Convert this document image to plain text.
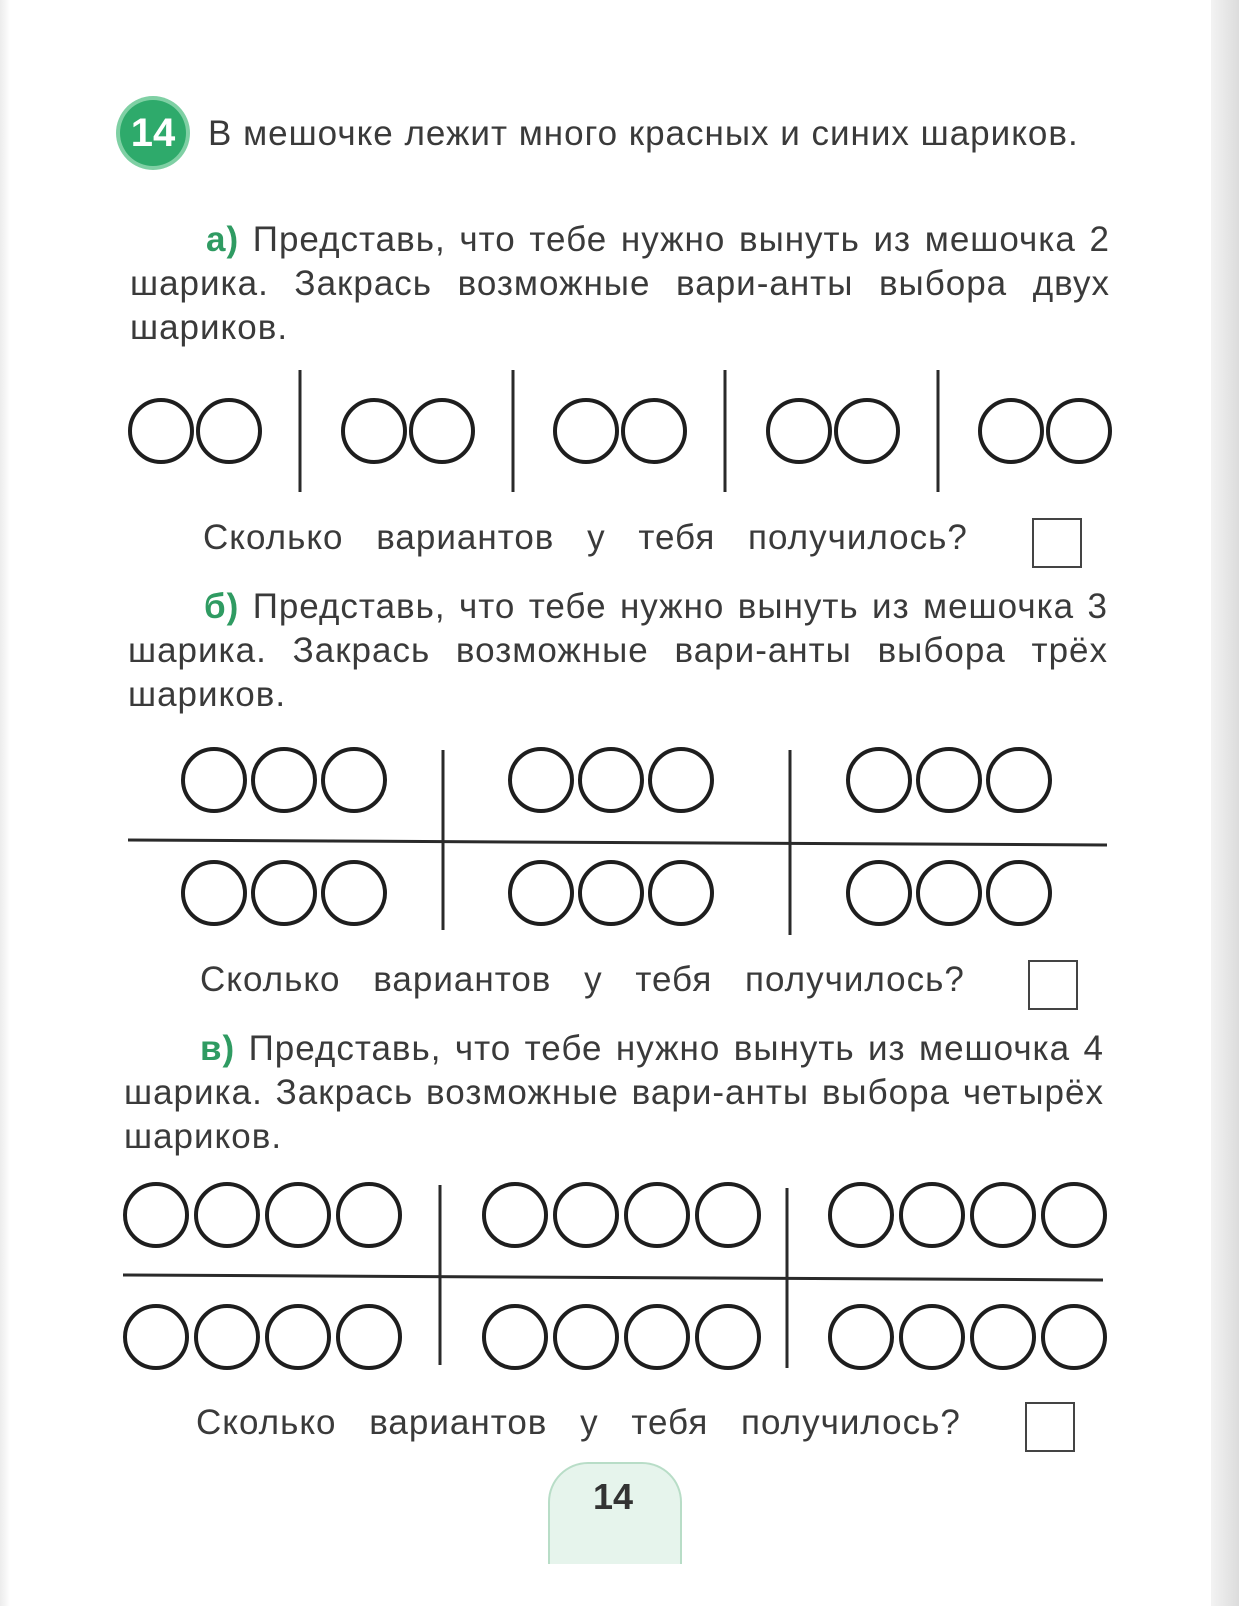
14 В мешочке лежит много красных и синих шариков.
а) Представь, что тебе нужно вынуть из мешочка 2 шарика. Закрась возможные вари-анты выбора двух шариков.
Сколько вариантов у тебя получилось?
б) Представь, что тебе нужно вынуть из мешочка 3 шарика. Закрась возможные вари-анты выбора трёх шариков.
Сколько вариантов у тебя получилось?
в) Представь, что тебе нужно вынуть из мешочка 4 шарика. Закрась возможные вари-анты выбора четырёх шариков.
Сколько вариантов у тебя получилось?
14
